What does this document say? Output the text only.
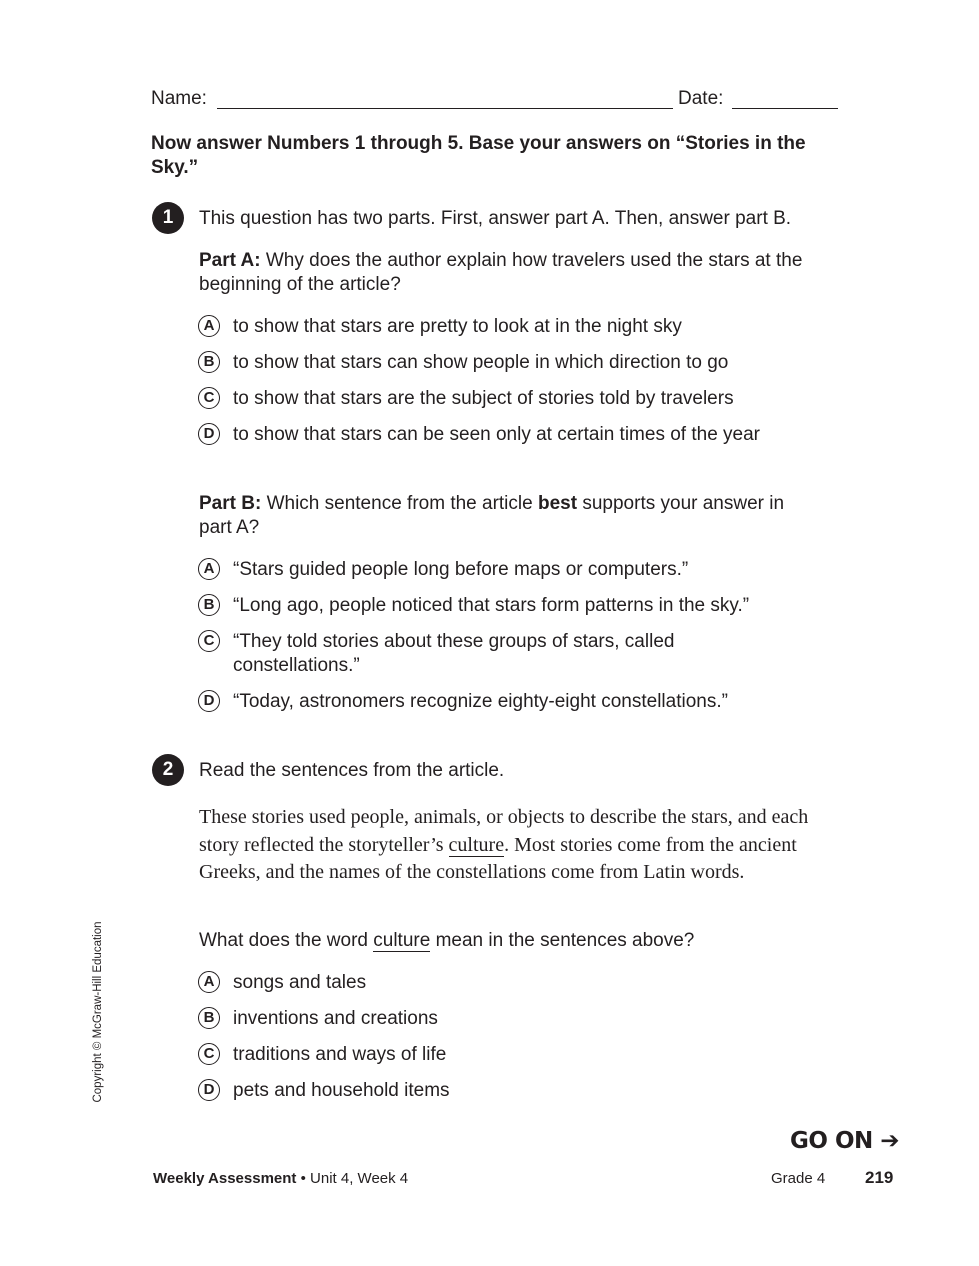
Name:	Date:
Now answer Numbers 1 through 5. Base your answers on “Stories in the Sky.”
1	This question has two parts. First, answer part A. Then, answer part B.
Part A: Why does the author explain how travelers used the stars at the beginning of the article?
A to show that stars are pretty to look at in the night sky
B to show that stars can show people in which direction to go
C to show that stars are the subject of stories told by travelers
D to show that stars can be seen only at certain times of the year
Part B: Which sentence from the article best supports your answer in part A?
A “Stars guided people long before maps or computers.”
B “Long ago, people noticed that stars form patterns in the sky.”
C “They told stories about these groups of stars, called constellations.”
D “Today, astronomers recognize eighty-eight constellations.”
2	Read the sentences from the article.
These stories used people, animals, or objects to describe the stars, and each story reflected the storyteller’s culture. Most stories come from the ancient Greeks, and the names of the constellations come from Latin words.
What does the word culture mean in the sentences above?
A songs and tales
B inventions and creations
C traditions and ways of life
D pets and household items
Copyright © McGraw-Hill Education
GO ON ➔
Weekly Assessment • Unit 4, Week 4	Grade 4 219
